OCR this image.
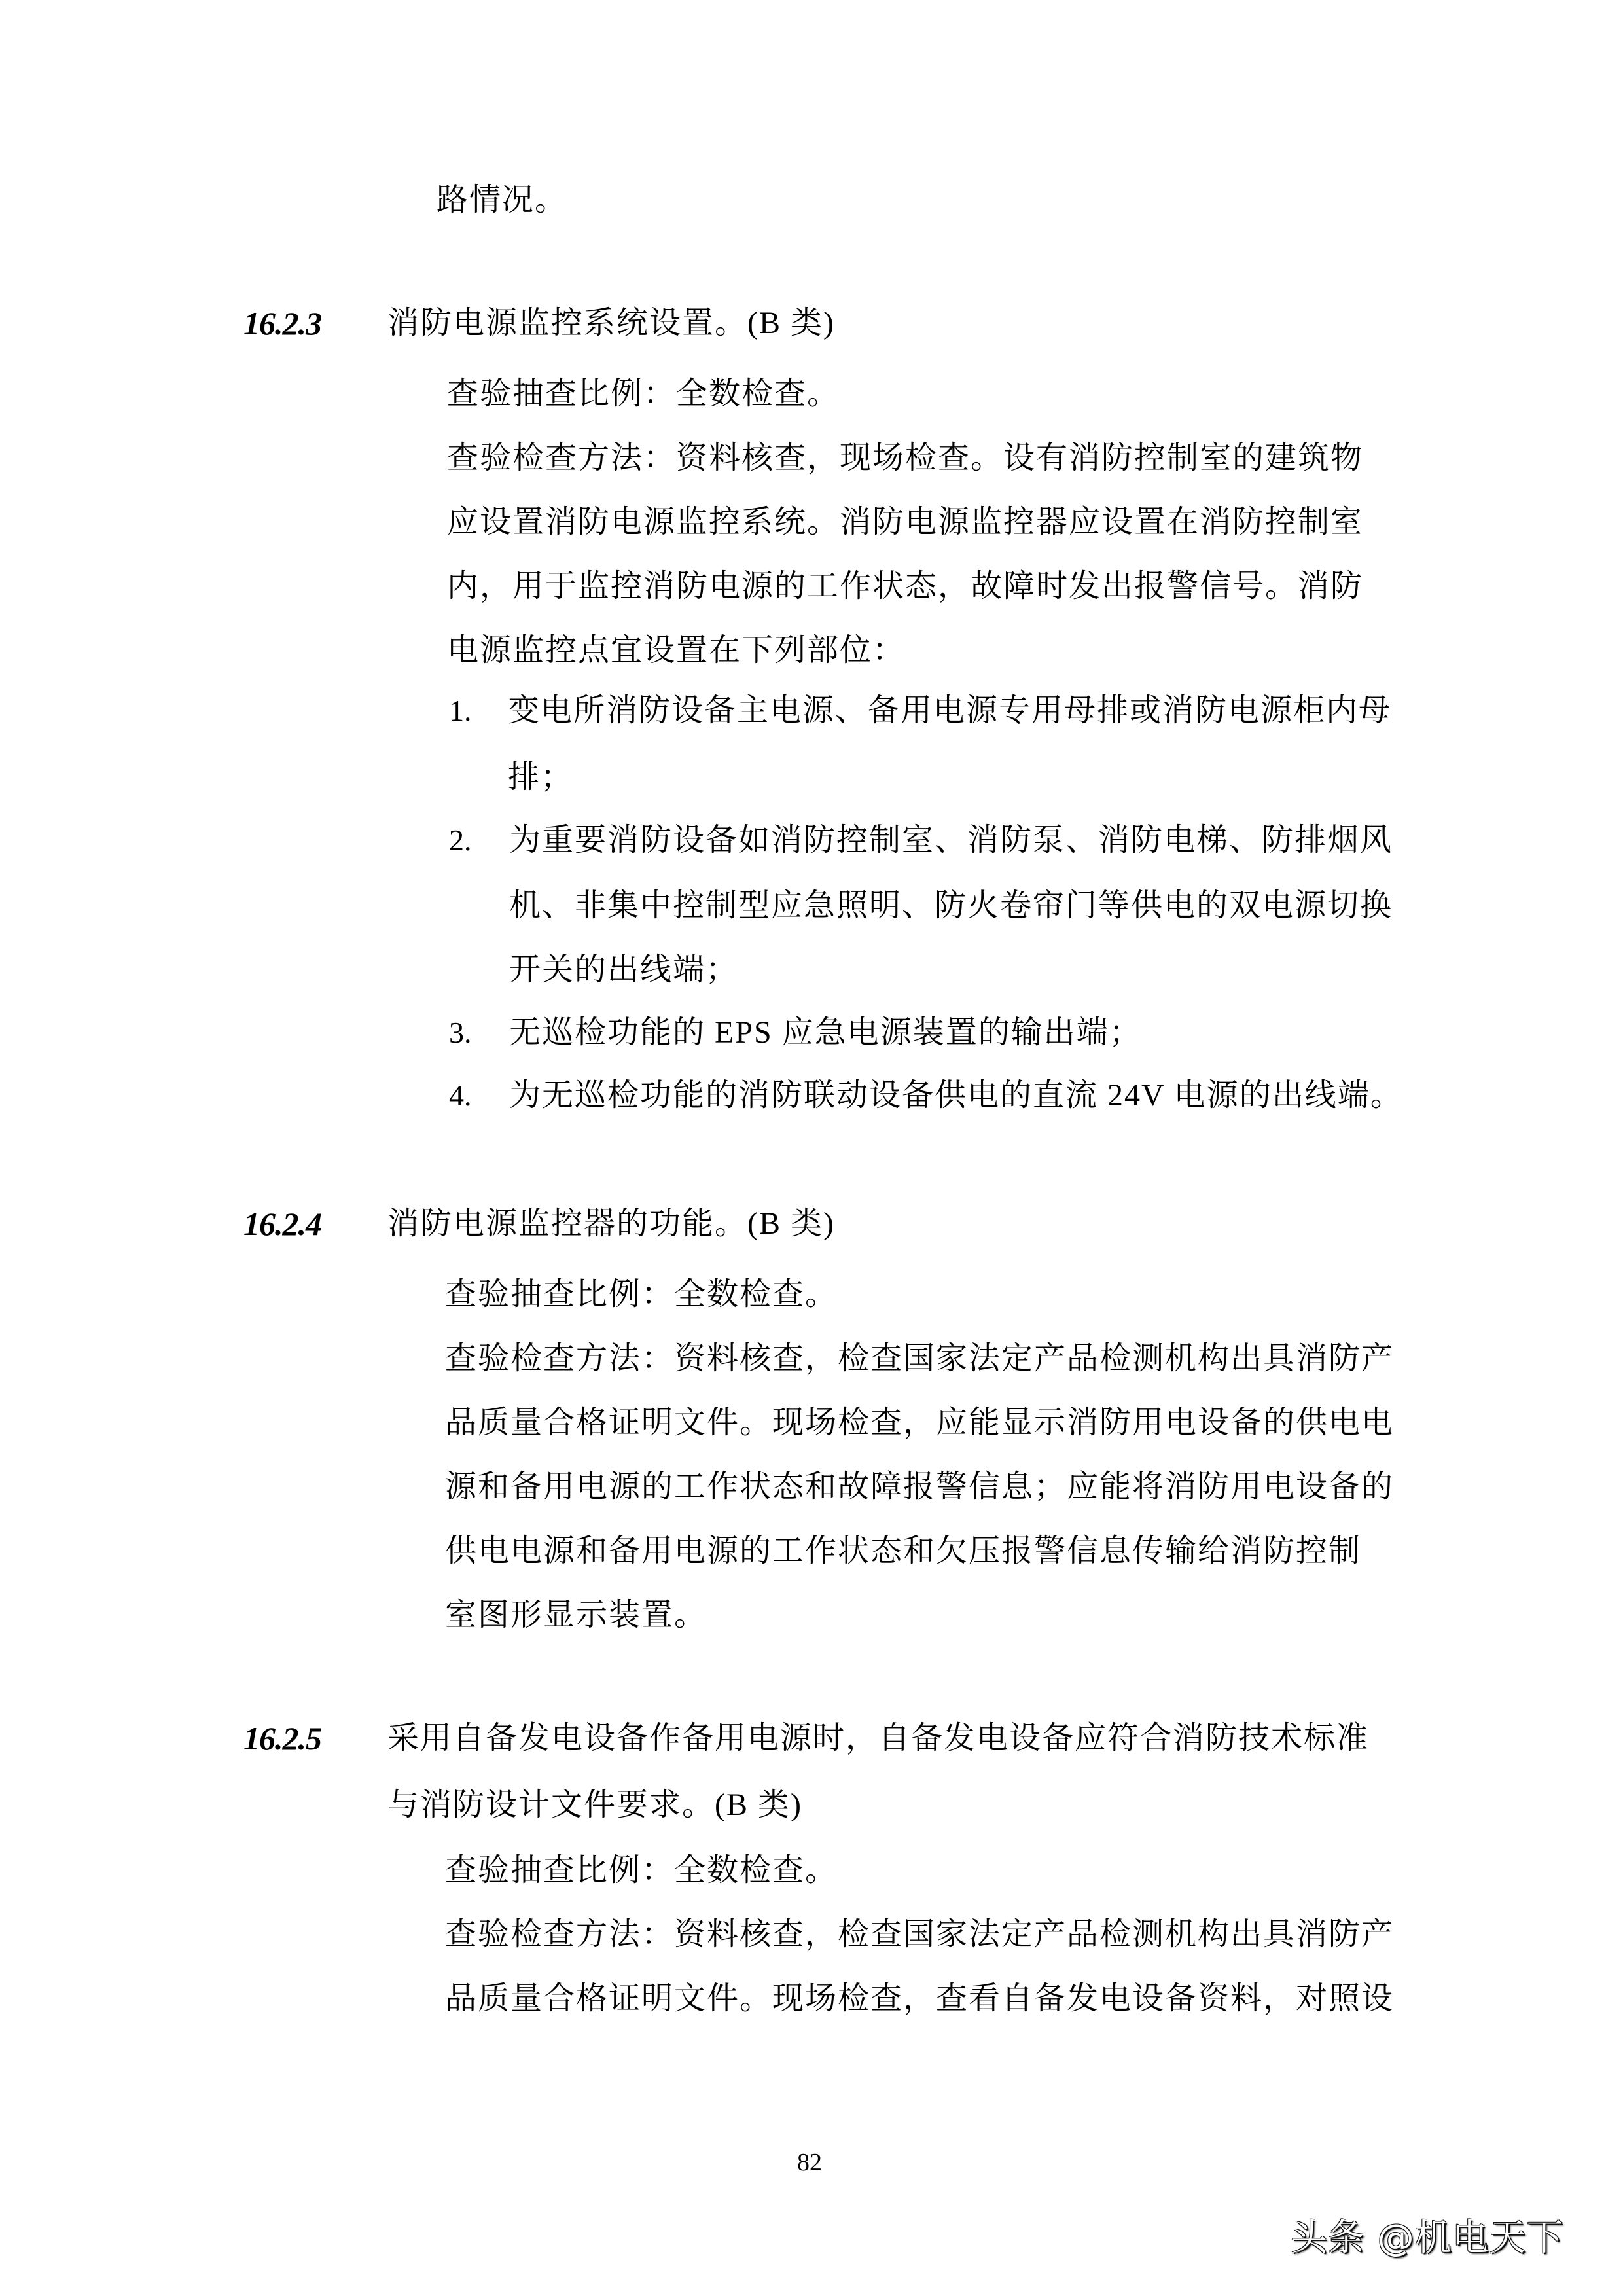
路情况。
16.2.3 消防电源监控系统设置。(B 类)
查验抽查比例：全数检查。
查验检查方法：资料核查，现场检查。设有消防控制室的建筑物
应设置消防电源监控系统。消防电源监控器应设置在消防控制室
内，用于监控消防电源的工作状态，故障时发出报警信号。消防
电源监控点宜设置在下列部位：
1. 变电所消防设备主电源、备用电源专用母排或消防电源柜内母
排；
2. 为重要消防设备如消防控制室、消防泵、消防电梯、防排烟风
机、非集中控制型应急照明、防火卷帘门等供电的双电源切换
开关的出线端；
3. 无巡检功能的 EPS 应急电源装置的输出端；
4. 为无巡检功能的消防联动设备供电的直流 24V 电源的出线端。
16.2.4 消防电源监控器的功能。(B 类)
查验抽查比例：全数检查。
查验检查方法：资料核查，检查国家法定产品检测机构出具消防产
品质量合格证明文件。现场检查，应能显示消防用电设备的供电电
源和备用电源的工作状态和故障报警信息；应能将消防用电设备的
供电电源和备用电源的工作状态和欠压报警信息传输给消防控制
室图形显示装置。
16.2.5 采用自备发电设备作备用电源时，自备发电设备应符合消防技术标准
与消防设计文件要求。(B 类)
查验抽查比例：全数检查。
查验检查方法：资料核查，检查国家法定产品检测机构出具消防产
品质量合格证明文件。现场检查，查看自备发电设备资料，对照设
82
头条 @机电天下
